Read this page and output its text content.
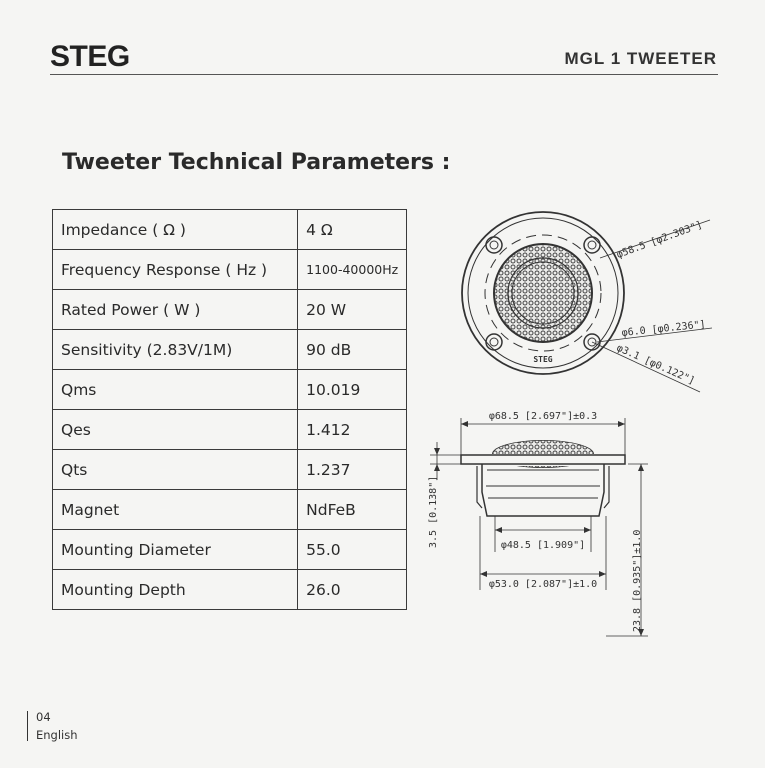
STEG	MGL 1 TWEETER
Tweeter Technical Parameters :
Impedance ( Ω )	4 Ω
Frequency Response ( Hz )	1100-40000Hz
Rated Power ( W )	20 W
Sensitivity (2.83V/1M)	90 dB
Qms	10.019
Qes	1.412
Qts	1.237
Magnet	NdFeB
Mounting Diameter	55.0
Mounting Depth	26.0
STEG
φ58.5 [φ2.303"]
φ6.0 [φ0.236"]
φ3.1 [φ0.122"]
φ68.5 [2.697"]±0.3
φ48.5 [1.909"]
φ53.0 [2.087"]±1.0
3.5 [0.138"]
23.8 [0.935"]±1.0
04
English
